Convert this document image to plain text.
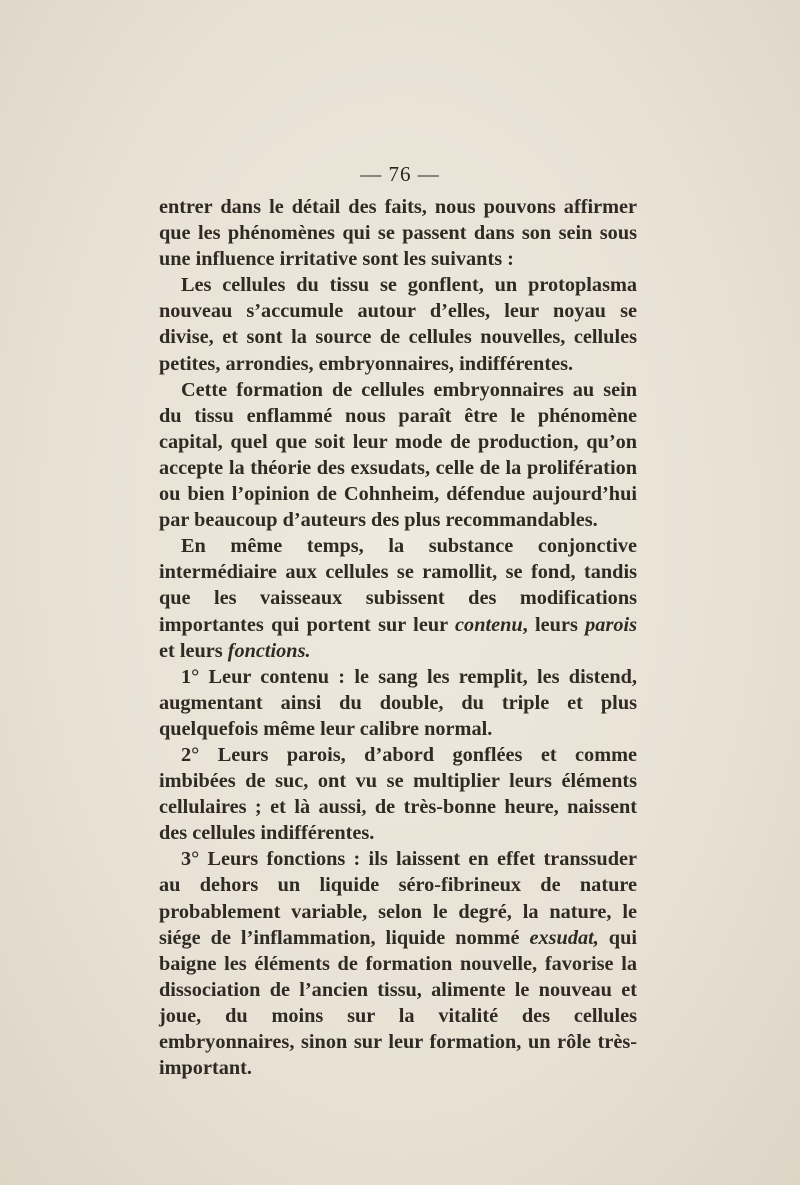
— 76 —

entrer dans le détail des faits, nous pouvons affirmer que les phénomènes qui se passent dans son sein sous une influence irritative sont les suivants :

Les cellules du tissu se gonflent, un protoplasma nouveau s’accumule autour d’elles, leur noyau se divise, et sont la source de cellules nouvelles, cellules petites, arrondies, embryonnaires, indifférentes.

Cette formation de cellules embryonnaires au sein du tissu enflammé nous paraît être le phénomène capital, quel que soit leur mode de production, qu’on accepte la théorie des exsudats, celle de la prolifération ou bien l’opinion de Cohnheim, défendue aujourd’hui par beaucoup d’auteurs des plus recommandables.

En même temps, la substance conjonctive intermédiaire aux cellules se ramollit, se fond, tandis que les vaisseaux subissent des modifications importantes qui portent sur leur contenu, leurs parois et leurs fonctions.

1° Leur contenu : le sang les remplit, les distend, augmentant ainsi du double, du triple et plus quelquefois même leur calibre normal.

2° Leurs parois, d’abord gonflées et comme imbibées de suc, ont vu se multiplier leurs éléments cellulaires ; et là aussi, de très-bonne heure, naissent des cellules indifférentes.

3° Leurs fonctions : ils laissent en effet transsuder au dehors un liquide séro-fibrineux de nature probablement variable, selon le degré, la nature, le siége de l’inflammation, liquide nommé exsudat, qui baigne les éléments de formation nouvelle, favorise la dissociation de l’ancien tissu, alimente le nouveau et joue, du moins sur la vitalité des cellules embryonnaires, sinon sur leur formation, un rôle très-important.
